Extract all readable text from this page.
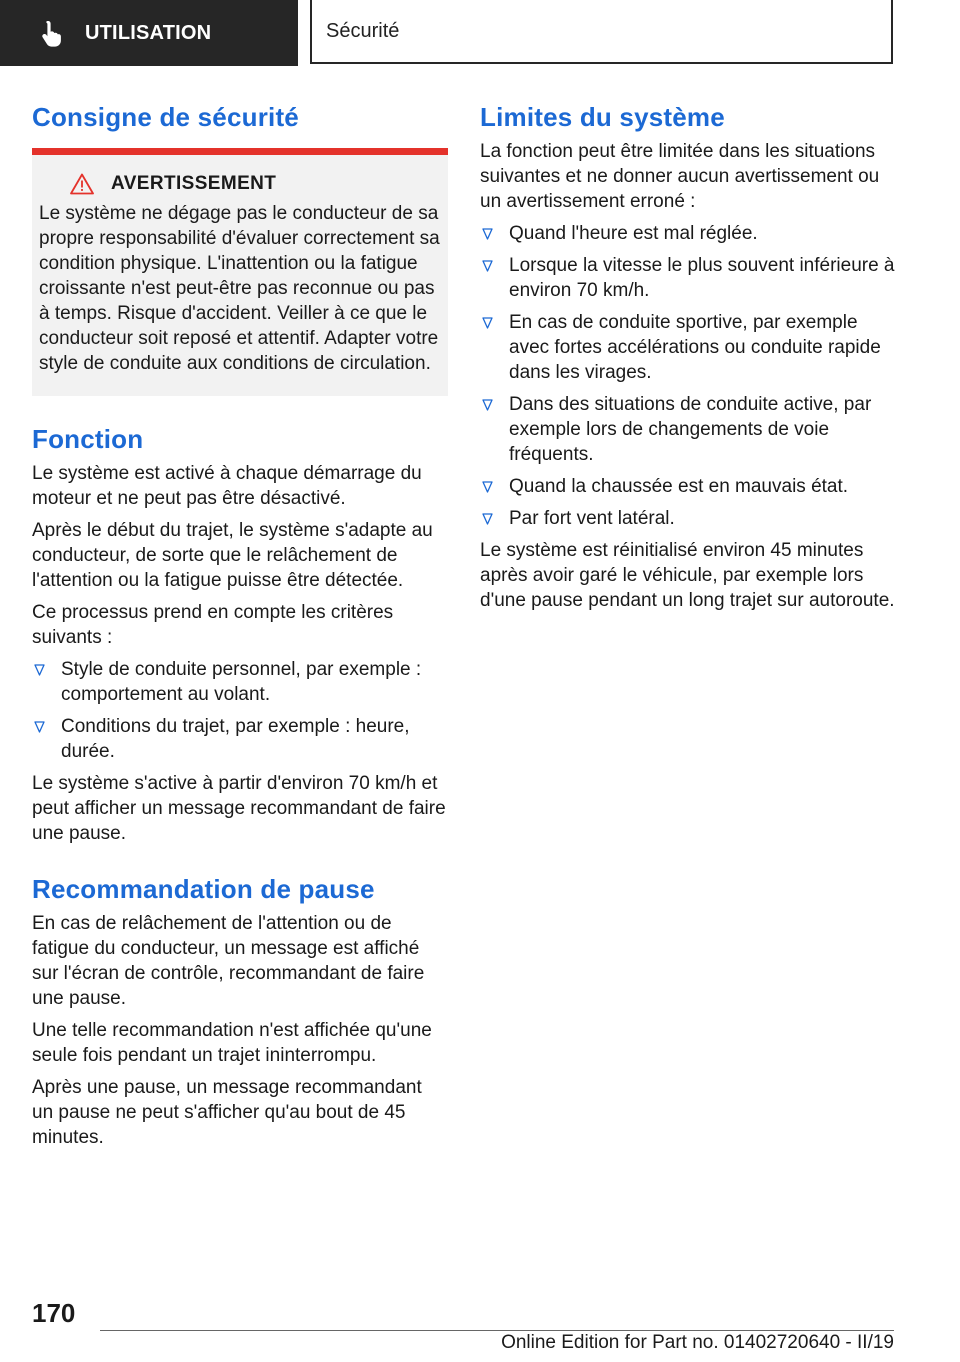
UTILISATION	Sécurité
Consigne de sécurité
AVERTISSEMENT

Le système ne dégage pas le conducteur de sa propre responsabilité d'évaluer correctement sa condition physique. L'inattention ou la fatigue croissante n'est peut-être pas reconnue ou pas à temps. Risque d'accident. Veiller à ce que le conducteur soit reposé et attentif. Adapter votre style de conduite aux conditions de circulation.

Fonction

Le système est activé à chaque démarrage du moteur et ne peut pas être désactivé.

Après le début du trajet, le système s'adapte au conducteur, de sorte que le relâchement de l'attention ou la fatigue puisse être détectée.

Ce processus prend en compte les critères suivants :

Style de conduite personnel, par exemple : comportement au volant.
Conditions du trajet, par exemple : heure, durée.

Le système s'active à partir d'environ 70 km/h et peut afficher un message recommandant de faire une pause.

Recommandation de pause

En cas de relâchement de l'attention ou de fatigue du conducteur, un message est affiché sur l'écran de contrôle, recommandant de faire une pause.

Une telle recommandation n'est affichée qu'une seule fois pendant un trajet ininterrompu.

Après une pause, un message recommandant un pause ne peut s'afficher qu'au bout de 45 minutes.

Limites du système

La fonction peut être limitée dans les situations suivantes et ne donner aucun avertissement ou un avertissement erroné :

Quand l'heure est mal réglée.
Lorsque la vitesse le plus souvent inférieure à environ 70 km/h.
En cas de conduite sportive, par exemple avec fortes accélérations ou conduite rapide dans les virages.
Dans des situations de conduite active, par exemple lors de changements de voie fréquents.
Quand la chaussée est en mauvais état.
Par fort vent latéral.

Le système est réinitialisé environ 45 minutes après avoir garé le véhicule, par exemple lors d'une pause pendant un long trajet sur autoroute.

170
Online Edition for Part no. 01402720640 - II/19
